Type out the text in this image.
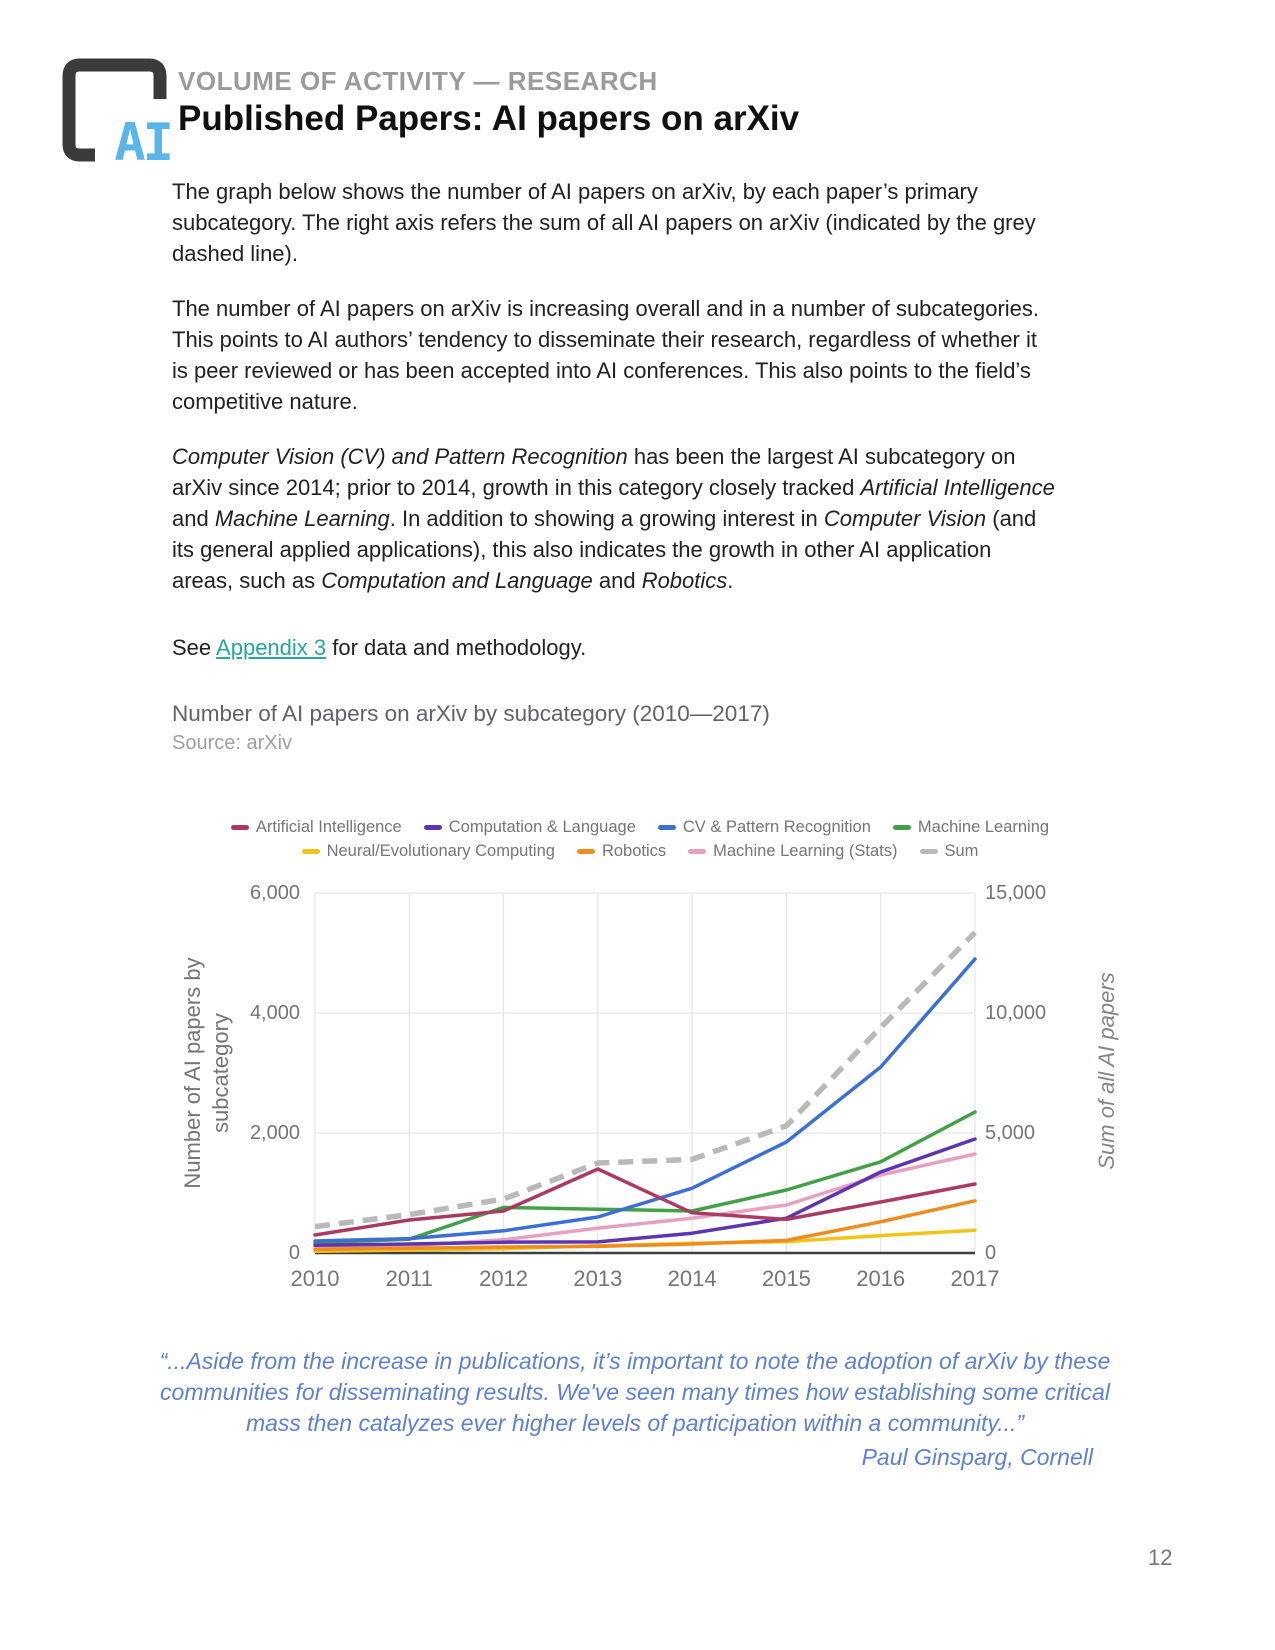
AI
VOLUME OF ACTIVITY — RESEARCH
Published Papers: AI papers on arXiv

The graph below shows the number of AI papers on arXiv, by each paper’s primary subcategory. The right axis refers the sum of all AI papers on arXiv (indicated by the grey dashed line).

The number of AI papers on arXiv is increasing overall and in a number of subcategories. This points to AI authors’ tendency to disseminate their research, regardless of whether it is peer reviewed or has been accepted into AI conferences. This also points to the field’s competitive nature.

Computer Vision (CV) and Pattern Recognition has been the largest AI subcategory on arXiv since 2014; prior to 2014, growth in this category closely tracked Artificial Intelligence and Machine Learning. In addition to showing a growing interest in Computer Vision (and its general applied applications), this also indicates the growth in other AI application areas, such as Computation and Language and Robotics.

See Appendix 3 for data and methodology.

Number of AI papers on arXiv by subcategory (2010—2017)
Source: arXiv
Artificial Intelligence	Computation & Language	CV & Pattern Recognition	Machine Learning
Neural/Evolutionary Computing	Robotics	Machine Learning (Stats)	Sum
Number of AI papers by subcategory	Sum of all AI papers
“...Aside from the increase in publications, it’s important to note the adoption of arXiv by these communities for disseminating results. We've seen many times how establishing some critical mass then catalyzes ever higher levels of participation within a community...”
Paul Ginsparg, Cornell
12
0
2,000
4,000
6,000
0
5,000
10,000
15,000
2010 2011 2012 2013 2014 2015 2016 2017
